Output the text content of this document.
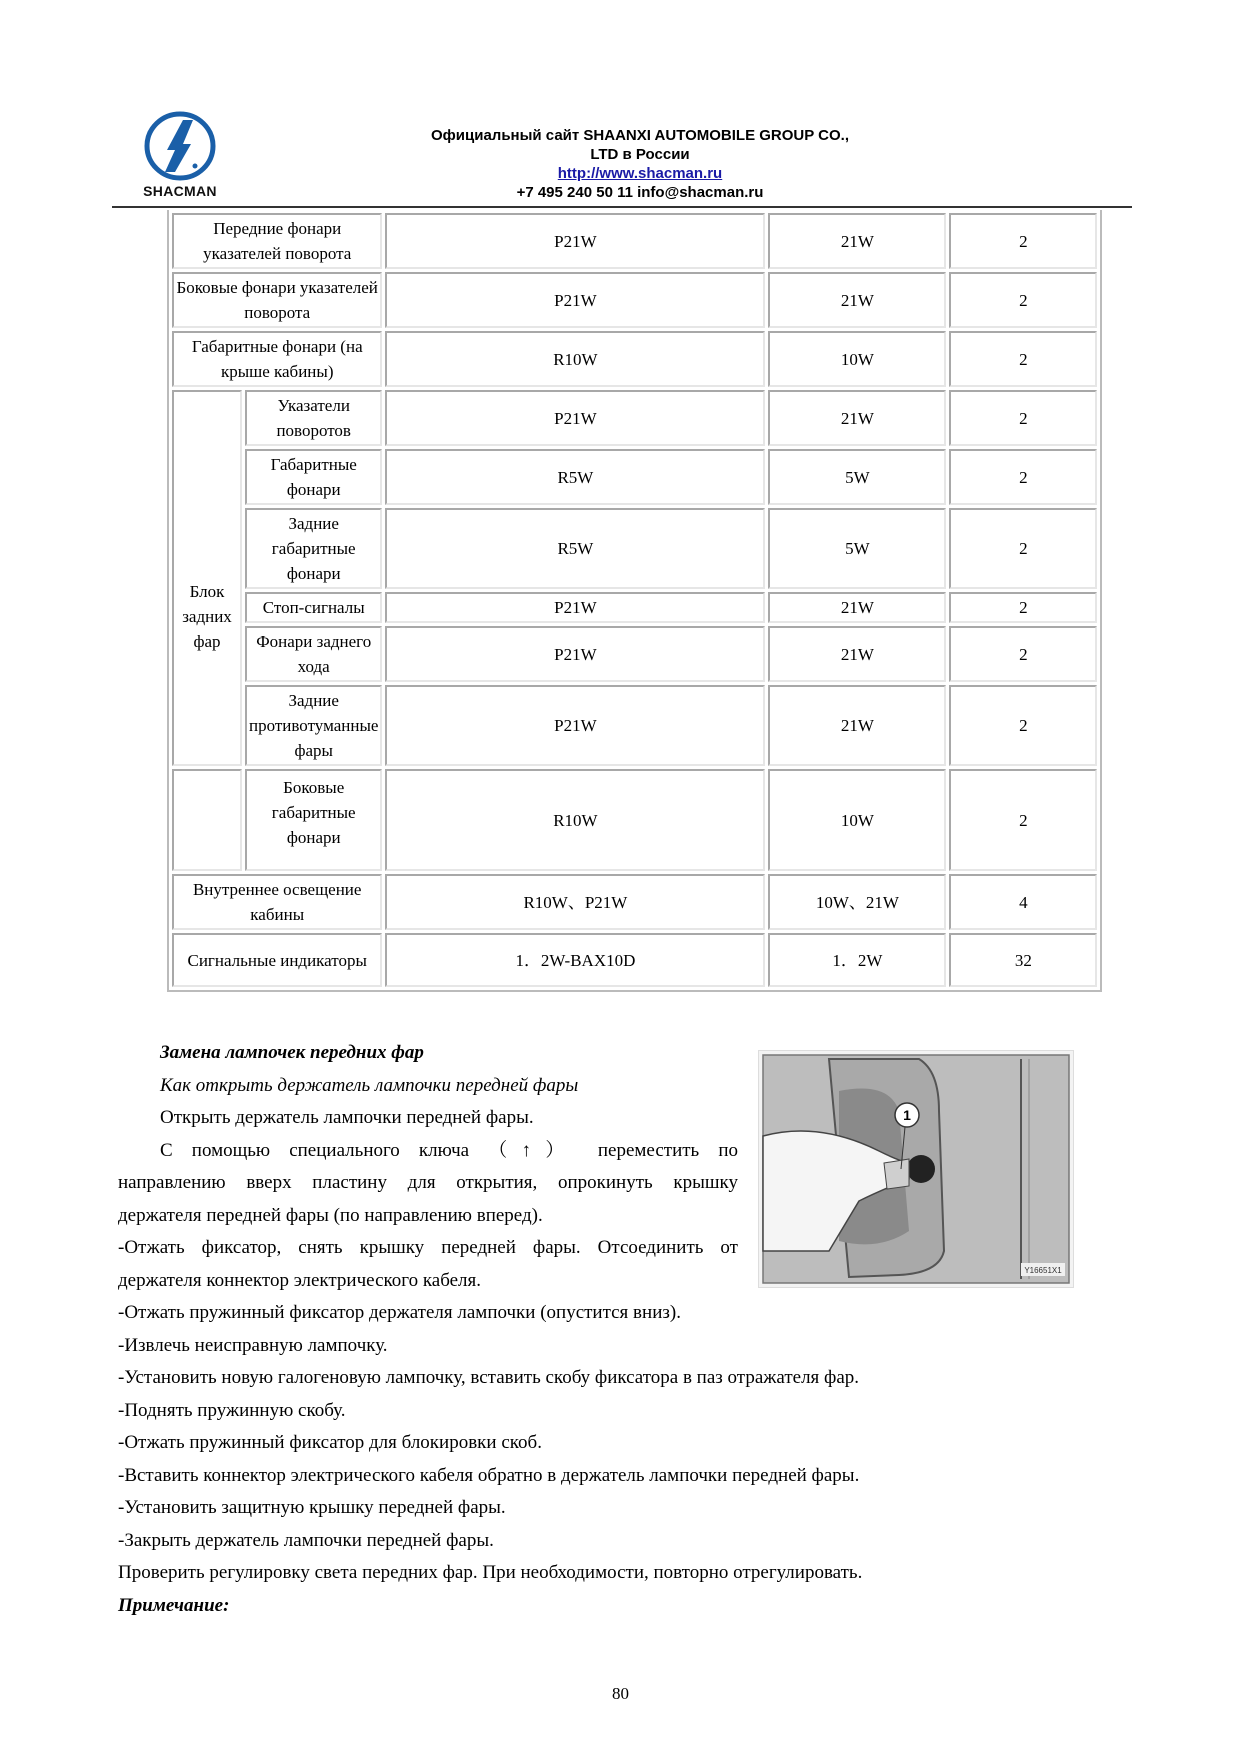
SHACMAN
Официальный сайт SHAANXI AUTOMOBILE GROUP CO.,
LTD в России
http://www.shacman.ru
+7 495 240 50 11 info@shacman.ru
Передние фонари указателей поворота		P21W	21W	2
Боковые фонари указателей поворота		P21W	21W	2
Габаритные фонари (на крыше кабины)		R10W	10W	2
Блок задних фар	Указатели поворотов	P21W	21W	2
	Габаритные фонари	R5W	5W	2
	Задние габаритные фонари	R5W	5W	2
	Стоп-сигналы	P21W	21W	2
	Фонари заднего хода	P21W	21W	2
	Задние противотуманные фары	P21W	21W	2
	Боковые габаритные фонари	R10W	10W	2
Внутреннее освещение кабины		R10W、P21W	10W、21W	4
Сигнальные индикаторы		1．2W-BAX10D	1．2W	32

Замена лампочек передних фар

Как открыть держатель лампочки передней фары

Открыть держатель лампочки передней фары.

С помощью специального ключа （↑） переместить по

направлению вверх пластину для открытия, опрокинуть крышку

держателя передней фары (по направлению вперед).

-Отжать фиксатор, снять крышку передней фары. Отсоединить от

держателя коннектор электрического кабеля.

-Отжать пружинный фиксатор держателя лампочки (опустится вниз).

-Извлечь неисправную лампочку.

-Установить новую галогеновую лампочку, вставить скобу фиксатора в паз отражателя фар.

-Поднять пружинную скобу.

-Отжать пружинный фиксатор для блокировки скоб.

-Вставить коннектор электрического кабеля обратно в держатель лампочки передней фары.

-Установить защитную крышку передней фары.

-Закрыть держатель лампочки передней фары.

Проверить регулировку света передних фар. При необходимости, повторно отрегулировать.

Примечание:

1
Y16651X1
80
